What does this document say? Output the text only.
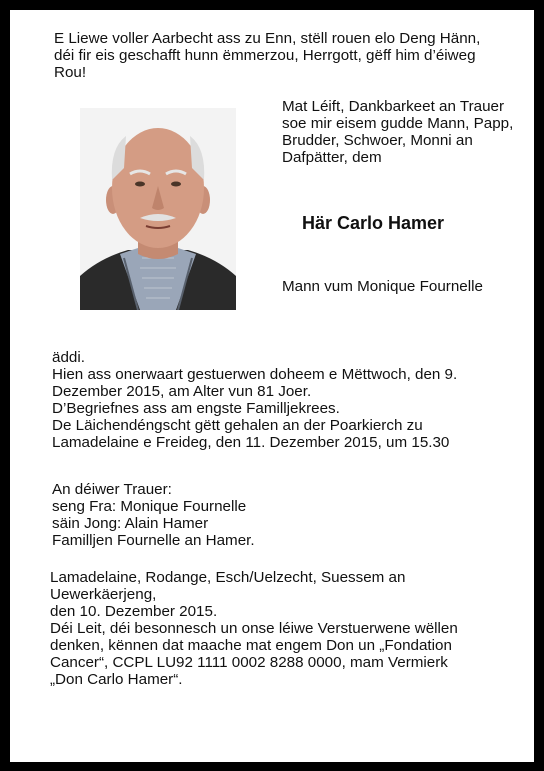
E Liewe voller Aarbecht ass zu Enn, stëll rouen elo Deng Hänn,
déi fir eis geschafft hunn ëmmerzou, Herrgott, gëff him d’éiweg
Rou!
Mat Léift, Dankbarkeet an Trauer
soe mir eisem gudde Mann, Papp,
Brudder, Schwoer, Monni an
Dafpätter, dem
Här Carlo Hamer
Mann vum Monique Fournelle
äddi.
Hien ass onerwaart gestuerwen doheem e Mëttwoch, den 9.
Dezember 2015, am Alter vun 81 Joer.
D’Begriefnes ass am engste Familljekrees.
De Läichendéngscht gëtt gehalen an der Poarkierch zu
Lamadelaine e Freideg, den 11. Dezember 2015, um 15.30
An déiwer Trauer:
seng Fra: Monique Fournelle
säin Jong: Alain Hamer
Familljen Fournelle an Hamer.
Lamadelaine, Rodange, Esch/Uelzecht, Suessem an
Uewerkäerjeng,
den 10. Dezember 2015.
Déi Leit, déi besonnesch un onse léiwe Verstuerwene wëllen
denken, kënnen dat maache mat engem Don un „Fondation
Cancer“, CCPL LU92 1111 0002 8288 0000, mam Vermierk
„Don Carlo Hamer“.
